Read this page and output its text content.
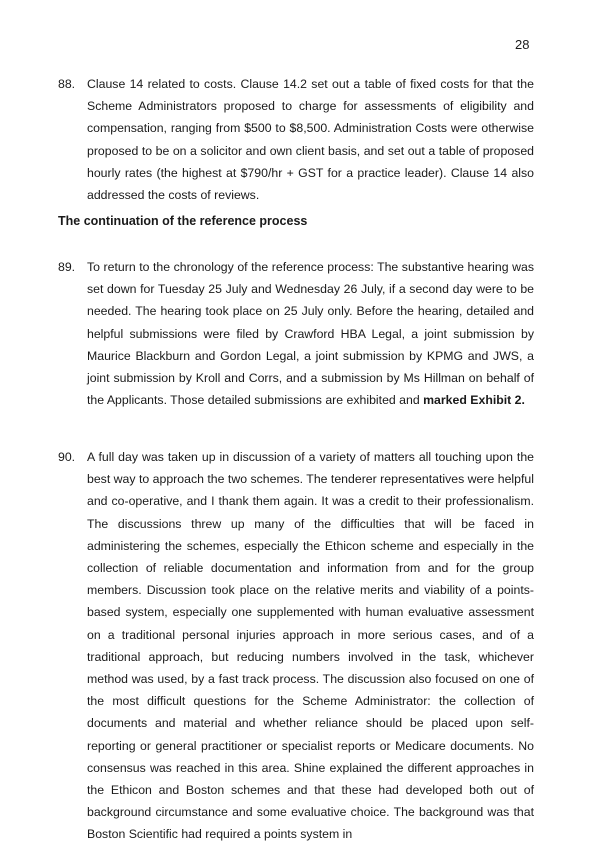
28
88. Clause 14 related to costs. Clause 14.2 set out a table of fixed costs for that the Scheme Administrators proposed to charge for assessments of eligibility and compensation, ranging from $500 to $8,500. Administration Costs were otherwise proposed to be on a solicitor and own client basis, and set out a table of proposed hourly rates (the highest at $790/hr + GST for a practice leader). Clause 14 also addressed the costs of reviews.
The continuation of the reference process
89. To return to the chronology of the reference process: The substantive hearing was set down for Tuesday 25 July and Wednesday 26 July, if a second day were to be needed. The hearing took place on 25 July only. Before the hearing, detailed and helpful submissions were filed by Crawford HBA Legal, a joint submission by Maurice Blackburn and Gordon Legal, a joint submission by KPMG and JWS, a joint submission by Kroll and Corrs, and a submission by Ms Hillman on behalf of the Applicants. Those detailed submissions are exhibited and marked Exhibit 2.
90. A full day was taken up in discussion of a variety of matters all touching upon the best way to approach the two schemes. The tenderer representatives were helpful and co-operative, and I thank them again. It was a credit to their professionalism. The discussions threw up many of the difficulties that will be faced in administering the schemes, especially the Ethicon scheme and especially in the collection of reliable documentation and information from and for the group members. Discussion took place on the relative merits and viability of a points-based system, especially one supplemented with human evaluative assessment on a traditional personal injuries approach in more serious cases, and of a traditional approach, but reducing numbers involved in the task, whichever method was used, by a fast track process. The discussion also focused on one of the most difficult questions for the Scheme Administrator: the collection of documents and material and whether reliance should be placed upon self-reporting or general practitioner or specialist reports or Medicare documents. No consensus was reached in this area. Shine explained the different approaches in the Ethicon and Boston schemes and that these had developed both out of background circumstance and some evaluative choice. The background was that Boston Scientific had required a points system in
